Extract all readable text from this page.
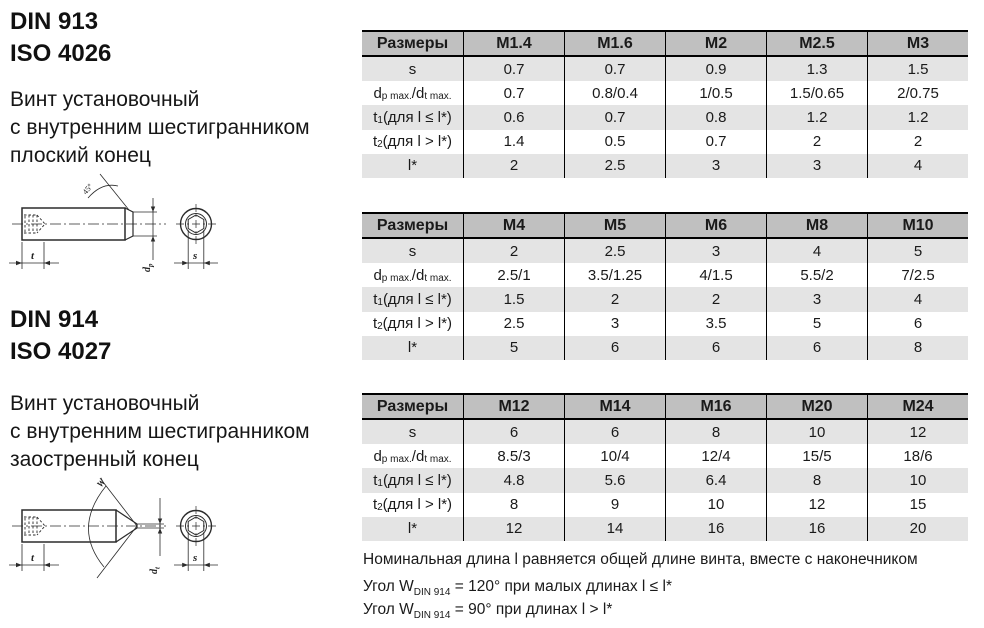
DIN 913
ISO 4026
Винт установочный
с внутренним шестигранником
плоский конец
45°
t	s
$d_p$
DIN 914
ISO 4027
Винт установочный
с внутренним шестигранником
заостренный конец
W
t	s
$d_t$
Размеры	M1.4	M1.6	M2	M2.5	M3
s	0.7	0.7	0.9	1.3	1.5
d p max. /d t max.	0.7	0.8/0.4	1/0.5	1.5/0.65	2/0.75
t 1 (для l ≤ l*)	0.6	0.7	0.8	1.2	1.2
t 2 (для l > l*)	1.4	0.5	0.7	2	2
l*	2	2.5	3	3	4
Размеры	M4	M5	M6	M8	M10
s	2	2.5	3	4	5
d p max. /d t max.	2.5/1	3.5/1.25	4/1.5	5.5/2	7/2.5
t 1 (для l ≤ l*)	1.5	2	2	3	4
t 2 (для l > l*)	2.5	3	3.5	5	6
l*	5	6	6	6	8
Размеры	M12	M14	M16	M20	M24
s	6	6	8	10	12
d p max. /d t max.	8.5/3	10/4	12/4	15/5	18/6
t 1 (для l ≤ l*)	4.8	5.6	6.4	8	10
t 2 (для l > l*)	8	9	10	12	15
l*	12	14	16	16	20
Номинальная длина l равняется общей длине винта, вместе с наконечником
Угол $W_{DIN 914} = 120^\circ$ при малых длинах l ≤ l*
Угол $W_{DIN 914} = 90^\circ$ при длинах l > l*
